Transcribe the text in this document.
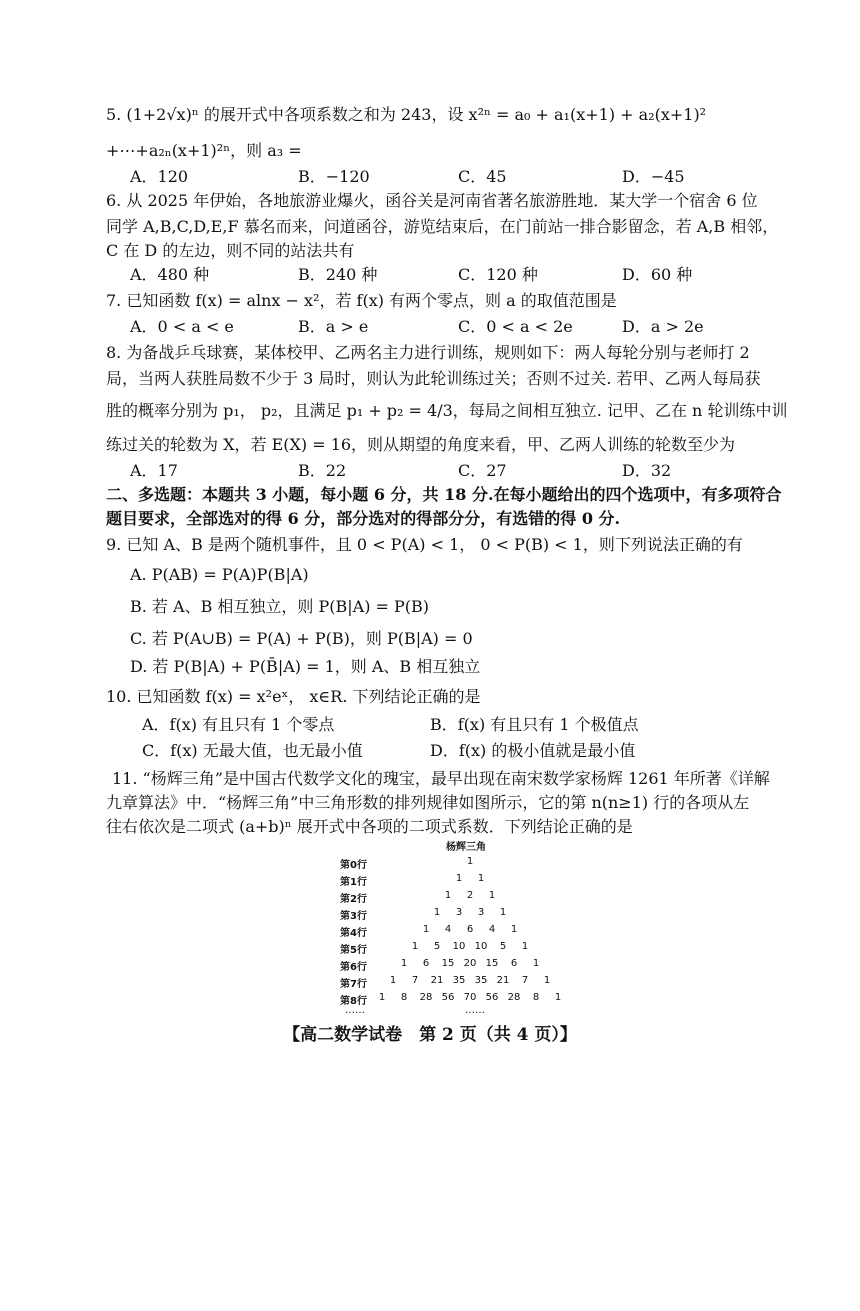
5. (1+2√x)ⁿ 的展开式中各项系数之和为 243，设 x²ⁿ = a₀ + a₁(x+1) + a₂(x+1)²
+⋯+a₂ₙ(x+1)²ⁿ，则 a₃ =
A．120	B．−120	C．45	D．−45
6. 从 2025 年伊始，各地旅游业爆火，函谷关是河南省著名旅游胜地．某大学一个宿舍 6 位
同学 A,B,C,D,E,F 慕名而来，问道函谷，游览结束后，在门前站一排合影留念，若 A,B 相邻，
C 在 D 的左边，则不同的站法共有
A．480 种	B．240 种	C．120 种	D．60 种
7. 已知函数 f(x) = alnx − x²，若 f(x) 有两个零点，则 a 的取值范围是
A．0 < a < e	B．a > e	C．0 < a < 2e	D．a > 2e
8. 为备战乒乓球赛，某体校甲、乙两名主力进行训练，规则如下：两人每轮分别与老师打 2
局，当两人获胜局数不少于 3 局时，则认为此轮训练过关；否则不过关. 若甲、乙两人每局获
胜的概率分别为 p₁， p₂，且满足 p₁ + p₂ = 4/3，每局之间相互独立. 记甲、乙在 n 轮训练中训
练过关的轮数为 X，若 E(X) = 16，则从期望的角度来看，甲、乙两人训练的轮数至少为
A．17	B．22	C．27	D．32
二、多选题：本题共 3 小题，每小题 6 分，共 18 分.在每小题给出的四个选项中，有多项符合
题目要求，全部选对的得 6 分，部分选对的得部分分，有选错的得 0 分.
9. 已知 A、B 是两个随机事件，且 0 < P(A) < 1， 0 < P(B) < 1，则下列说法正确的有
A. P(AB) = P(A)P(B|A)
B. 若 A、B 相互独立，则 P(B|A) = P(B)
C. 若 P(A∪B) = P(A) + P(B)，则 P(B|A) = 0
D. 若 P(B|A) + P(B̄|A) = 1，则 A、B 相互独立
10. 已知函数 f(x) = x²eˣ， x∈R. 下列结论正确的是
A．f(x) 有且只有 1 个零点	B．f(x) 有且只有 1 个极值点
C．f(x) 无最大值，也无最小值	D．f(x) 的极小值就是最小值
11. “杨辉三角”是中国古代数学文化的瑰宝，最早出现在南宋数学家杨辉 1261 年所著《详解
九章算法》中．“杨辉三角”中三角形数的排列规律如图所示，它的第 n(n≥1) 行的各项从左
往右依次是二项式 (a+b)ⁿ 展开式中各项的二项式系数．下列结论正确的是
杨辉三角
第0行	1
第1行	1	1
第2行	1	2	1
第3行	1	3	3	1
第4行	1	4	6	4	1
第5行	1	5	10 10	5	1
第6行	1	6	15 20 15	6	1
第7行	1	7	21 35 35 21	7	1
第8行	1	8	28 56 70 56 28	8	1
……	……
【高二数学试卷　第 2 页（共 4 页）】
